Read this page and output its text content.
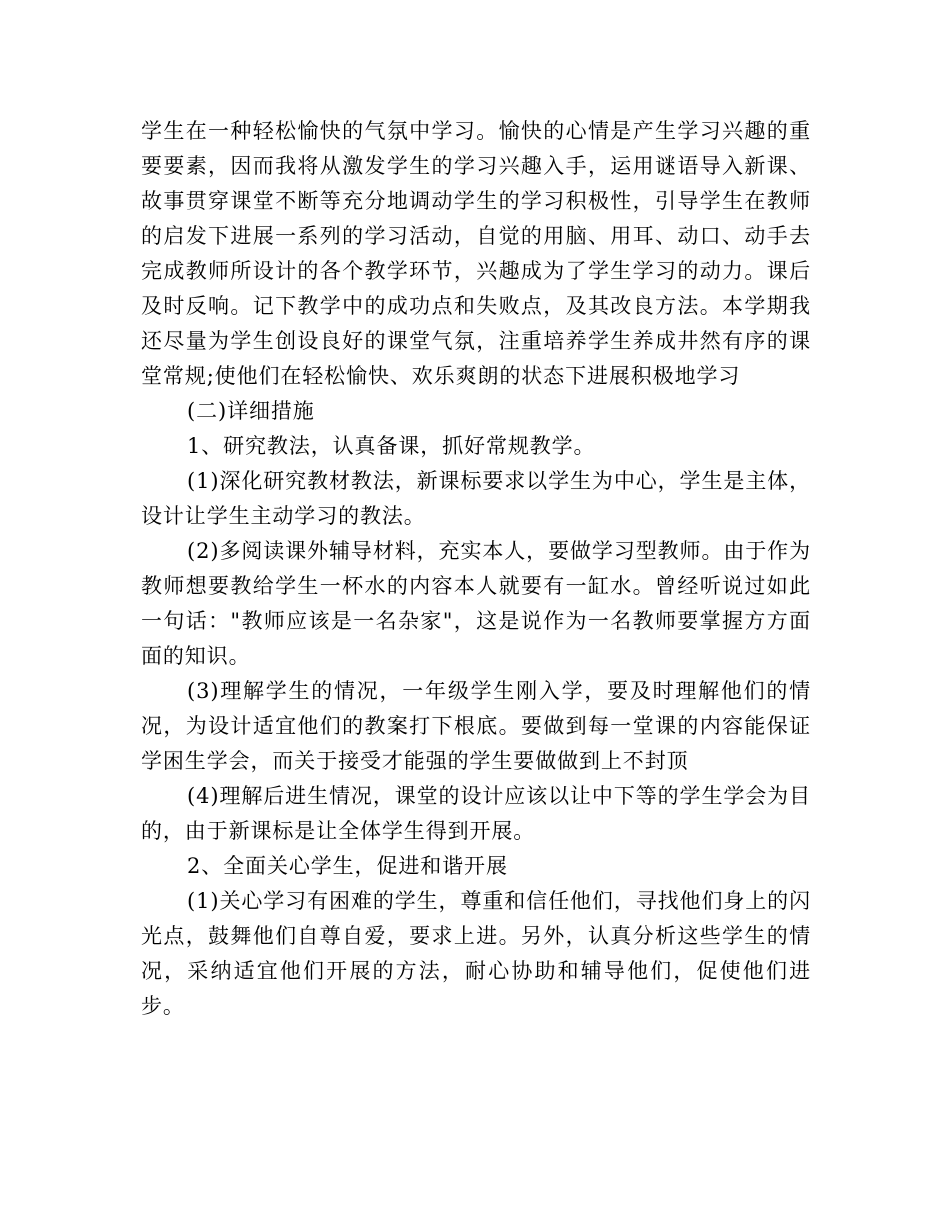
学生在一种轻松愉快的气氛中学习。愉快的心情是产生学习兴趣的重要要素，因而我将从激发学生的学习兴趣入手，运用谜语导入新课、故事贯穿课堂不断等充分地调动学生的学习积极性，引导学生在教师的启发下进展一系列的学习活动，自觉的用脑、用耳、动口、动手去完成教师所设计的各个教学环节，兴趣成为了学生学习的动力。课后及时反响。记下教学中的成功点和失败点，及其改良方法。本学期我还尽量为学生创设良好的课堂气氛，注重培养学生养成井然有序的课堂常规;使他们在轻松愉快、欢乐爽朗的状态下进展积极地学习

(二)详细措施

1、研究教法，认真备课，抓好常规教学。

(1)深化研究教材教法，新课标要求以学生为中心，学生是主体，设计让学生主动学习的教法。

(2)多阅读课外辅导材料，充实本人，要做学习型教师。由于作为教师想要教给学生一杯水的内容本人就要有一缸水。曾经听说过如此一句话："教师应该是一名杂家"，这是说作为一名教师要掌握方方面面的知识。

(3)理解学生的情况，一年级学生刚入学，要及时理解他们的情况，为设计适宜他们的教案打下根底。要做到每一堂课的内容能保证学困生学会，而关于接受才能强的学生要做做到上不封顶

(4)理解后进生情况，课堂的设计应该以让中下等的学生学会为目的，由于新课标是让全体学生得到开展。

2、全面关心学生，促进和谐开展

(1)关心学习有困难的学生，尊重和信任他们，寻找他们身上的闪光点，鼓舞他们自尊自爱，要求上进。另外，认真分析这些学生的情况，采纳适宜他们开展的方法，耐心协助和辅导他们，促使他们进步。
